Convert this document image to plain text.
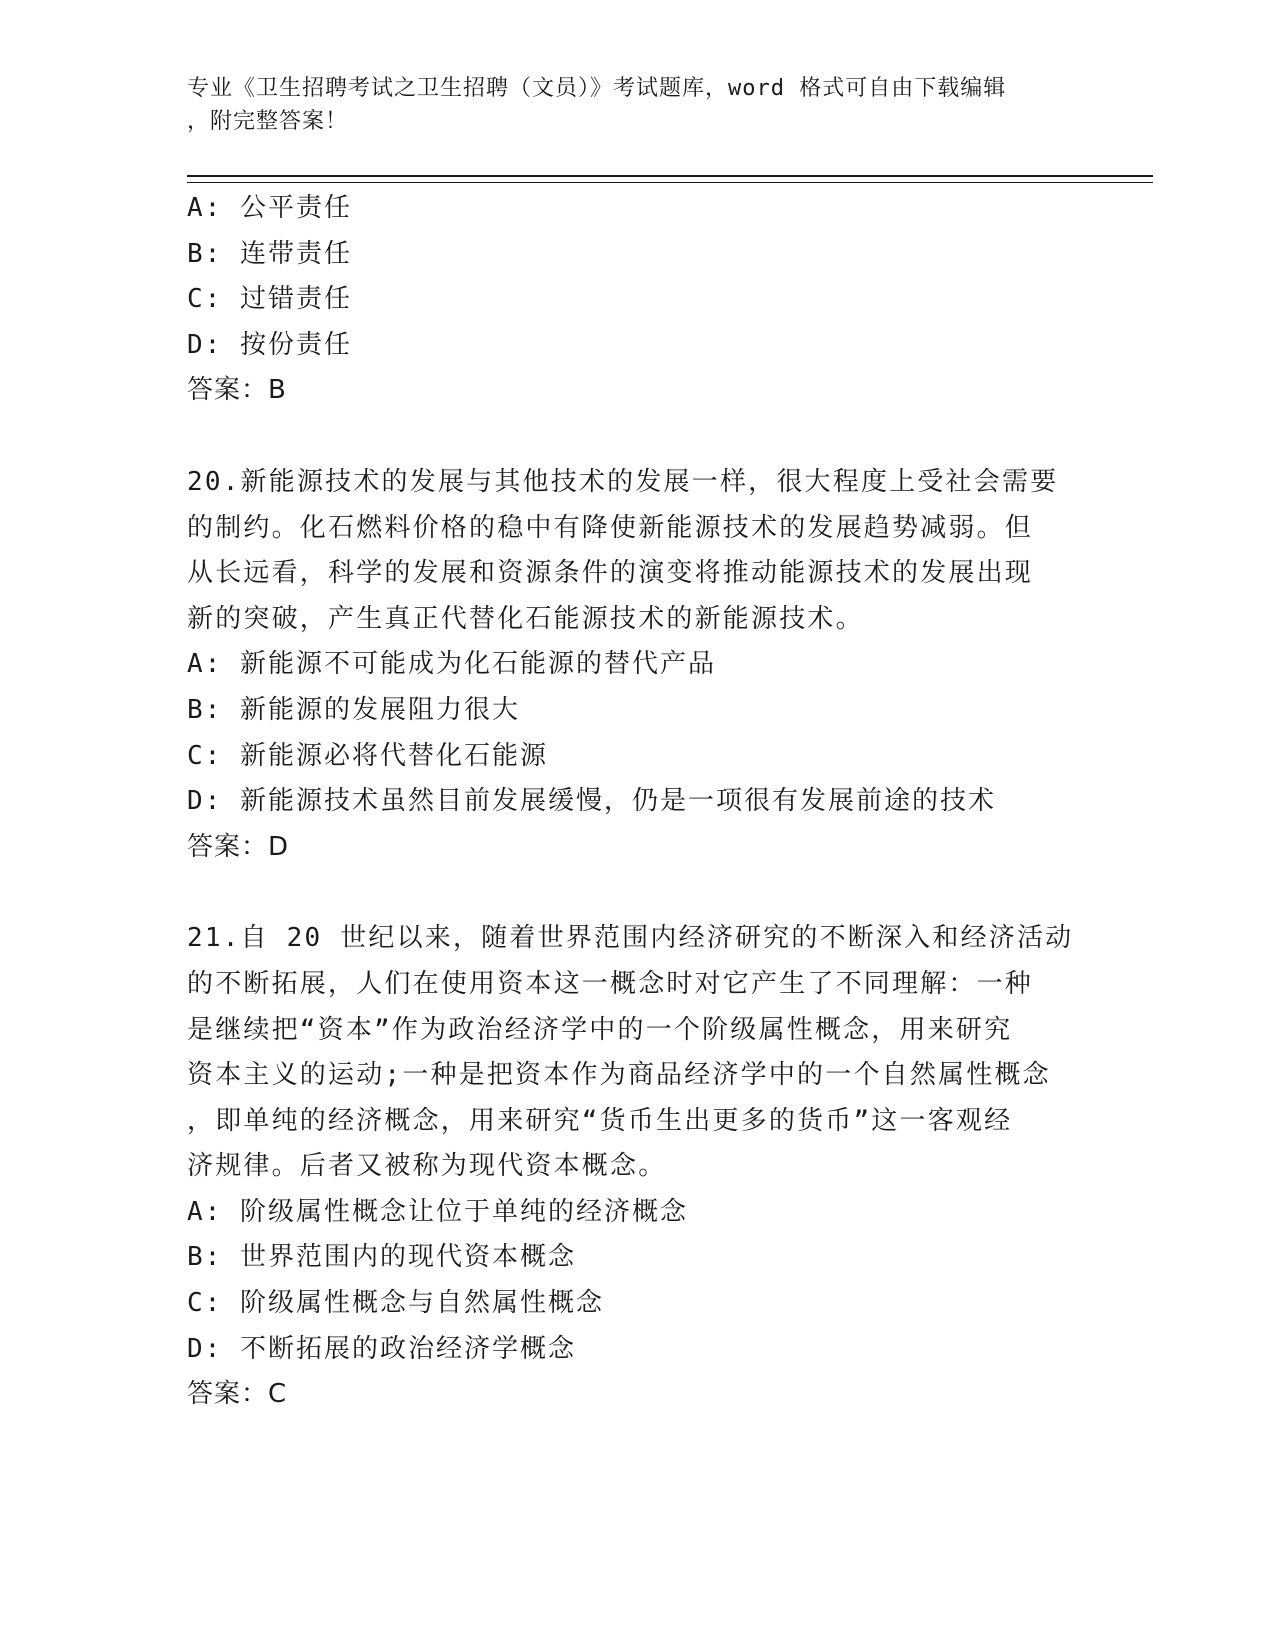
专业《卫生招聘考试之卫生招聘（文员）》考试题库，word 格式可自由下载编辑
，附完整答案！
A: 公平责任
B: 连带责任
C: 过错责任
D: 按份责任
答案：B
20.新能源技术的发展与其他技术的发展一样，很大程度上受社会需要
的制约。化石燃料价格的稳中有降使新能源技术的发展趋势减弱。但
从长远看，科学的发展和资源条件的演变将推动能源技术的发展出现
新的突破，产生真正代替化石能源技术的新能源技术。
A: 新能源不可能成为化石能源的替代产品
B: 新能源的发展阻力很大
C: 新能源必将代替化石能源
D: 新能源技术虽然目前发展缓慢，仍是一项很有发展前途的技术
答案：D
21.自 20 世纪以来，随着世界范围内经济研究的不断深入和经济活动
的不断拓展，人们在使用资本这一概念时对它产生了不同理解：一种
是继续把“资本”作为政治经济学中的一个阶级属性概念，用来研究
资本主义的运动;一种是把资本作为商品经济学中的一个自然属性概念
，即单纯的经济概念，用来研究“货币生出更多的货币”这一客观经
济规律。后者又被称为现代资本概念。
A: 阶级属性概念让位于单纯的经济概念
B: 世界范围内的现代资本概念
C: 阶级属性概念与自然属性概念
D: 不断拓展的政治经济学概念
答案：C
